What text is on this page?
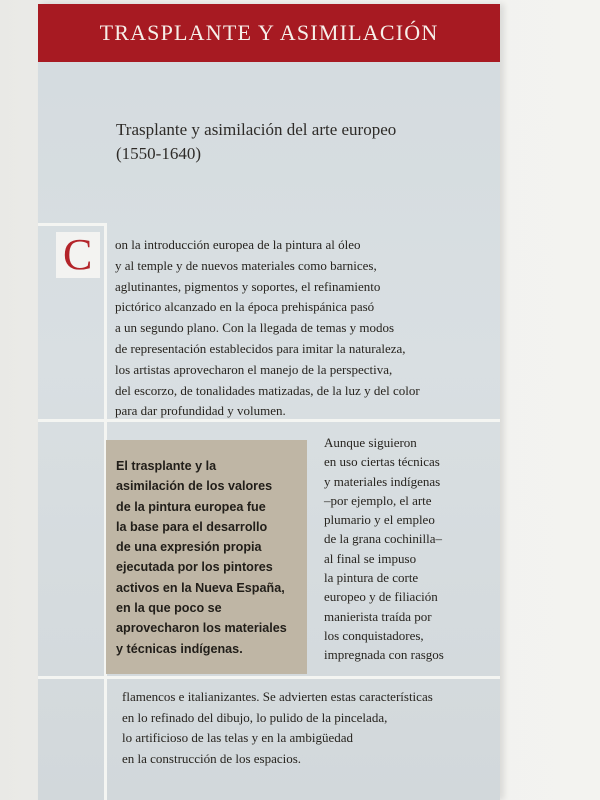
TRASPLANTE Y ASIMILACIÓN
Trasplante y asimilación del arte europeo
(1550-1640)
C on la introducción europea de la pintura al óleo

y al temple y de nuevos materiales como barnices,

aglutinantes, pigmentos y soportes, el refinamiento

pictórico alcanzado en la época prehispánica pasó

a un segundo plano. Con la llegada de temas y modos

de representación establecidos para imitar la naturaleza,

los artistas aprovecharon el manejo de la perspectiva,

del escorzo, de tonalidades matizadas, de la luz y del color

para dar profundidad y volumen.

El trasplante y la

asimilación de los valores

de la pintura europea fue

la base para el desarrollo

de una expresión propia

ejecutada por los pintores

activos en la Nueva España,

en la que poco se

aprovecharon los materiales

y técnicas indígenas.

Aunque siguieron

en uso ciertas técnicas

y materiales indígenas

–por ejemplo, el arte

plumario y el empleo

de la grana cochinilla–

al final se impuso

la pintura de corte

europeo y de filiación

manierista traída por

los conquistadores,

impregnada con rasgos

flamencos e italianizantes. Se advierten estas características

en lo refinado del dibujo, lo pulido de la pincelada,

lo artificioso de las telas y en la ambigüedad

en la construcción de los espacios.
